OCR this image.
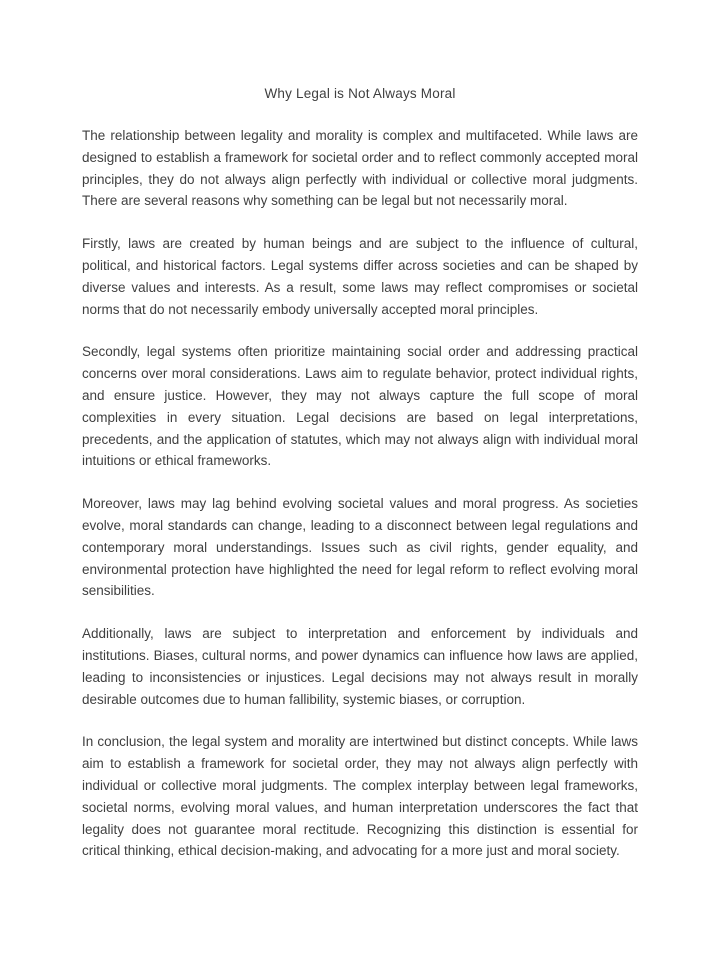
Why Legal is Not Always Moral

The relationship between legality and morality is complex and multifaceted. While laws are designed to establish a framework for societal order and to reflect commonly accepted moral principles, they do not always align perfectly with individual or collective moral judgments. There are several reasons why something can be legal but not necessarily moral.

Firstly, laws are created by human beings and are subject to the influence of cultural, political, and historical factors. Legal systems differ across societies and can be shaped by diverse values and interests. As a result, some laws may reflect compromises or societal norms that do not necessarily embody universally accepted moral principles.

Secondly, legal systems often prioritize maintaining social order and addressing practical concerns over moral considerations. Laws aim to regulate behavior, protect individual rights, and ensure justice. However, they may not always capture the full scope of moral complexities in every situation. Legal decisions are based on legal interpretations, precedents, and the application of statutes, which may not always align with individual moral intuitions or ethical frameworks.

Moreover, laws may lag behind evolving societal values and moral progress. As societies evolve, moral standards can change, leading to a disconnect between legal regulations and contemporary moral understandings. Issues such as civil rights, gender equality, and environmental protection have highlighted the need for legal reform to reflect evolving moral sensibilities.

Additionally, laws are subject to interpretation and enforcement by individuals and institutions. Biases, cultural norms, and power dynamics can influence how laws are applied, leading to inconsistencies or injustices. Legal decisions may not always result in morally desirable outcomes due to human fallibility, systemic biases, or corruption.

In conclusion, the legal system and morality are intertwined but distinct concepts. While laws aim to establish a framework for societal order, they may not always align perfectly with individual or collective moral judgments. The complex interplay between legal frameworks, societal norms, evolving moral values, and human interpretation underscores the fact that legality does not guarantee moral rectitude. Recognizing this distinction is essential for critical thinking, ethical decision-making, and advocating for a more just and moral society.
